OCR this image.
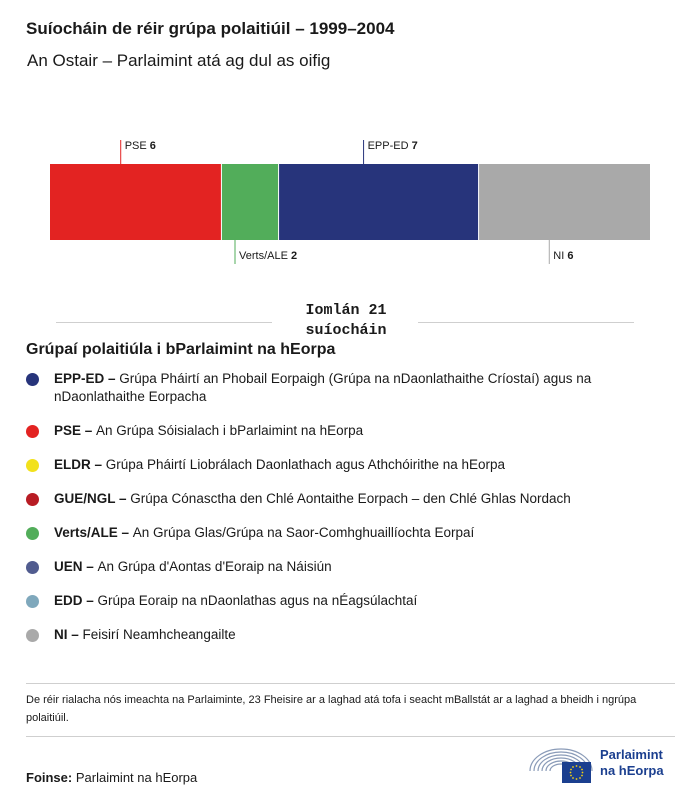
Suíocháin de réir grúpa polaitiúil – 1999–2004
An Ostair – Parlaimint atá ag dul as oifig
PSE 6
Verts/ALE 2
EPP-ED 7
NI 6
Iomlán 21 suíocháin
Grúpaí polaitiúla i bParlaimint na hEorpa
EPP-ED – Grúpa Pháirtí an Phobail Eorpaigh (Grúpa na nDaonlathaithe Críostaí) agus na nDaonlathaithe Eorpacha
PSE – An Grúpa Sóisialach i bParlaimint na hEorpa
ELDR – Grúpa Pháirtí Liobrálach Daonlathach agus Athchóirithe na hEorpa
GUE/NGL – Grúpa Cónasctha den Chlé Aontaithe Eorpach – den Chlé Ghlas Nordach
Verts/ALE – An Grúpa Glas/Grúpa na Saor-Comhghuaillíochta Eorpaí
UEN – An Grúpa d'Aontas d'Eoraip na Náisiún
EDD – Grúpa Eoraip na nDaonlathas agus na nÉagsúlachtaí
NI – Feisirí Neamhcheangailte
De réir rialacha nós imeachta na Parlaiminte, 23 Fheisire ar a laghad atá tofa i seacht mBallstát ar a laghad a bheidh i ngrúpa polaitiúil.
Foinse: Parlaimint na hEorpa
Parlaimint
na hEorpa
